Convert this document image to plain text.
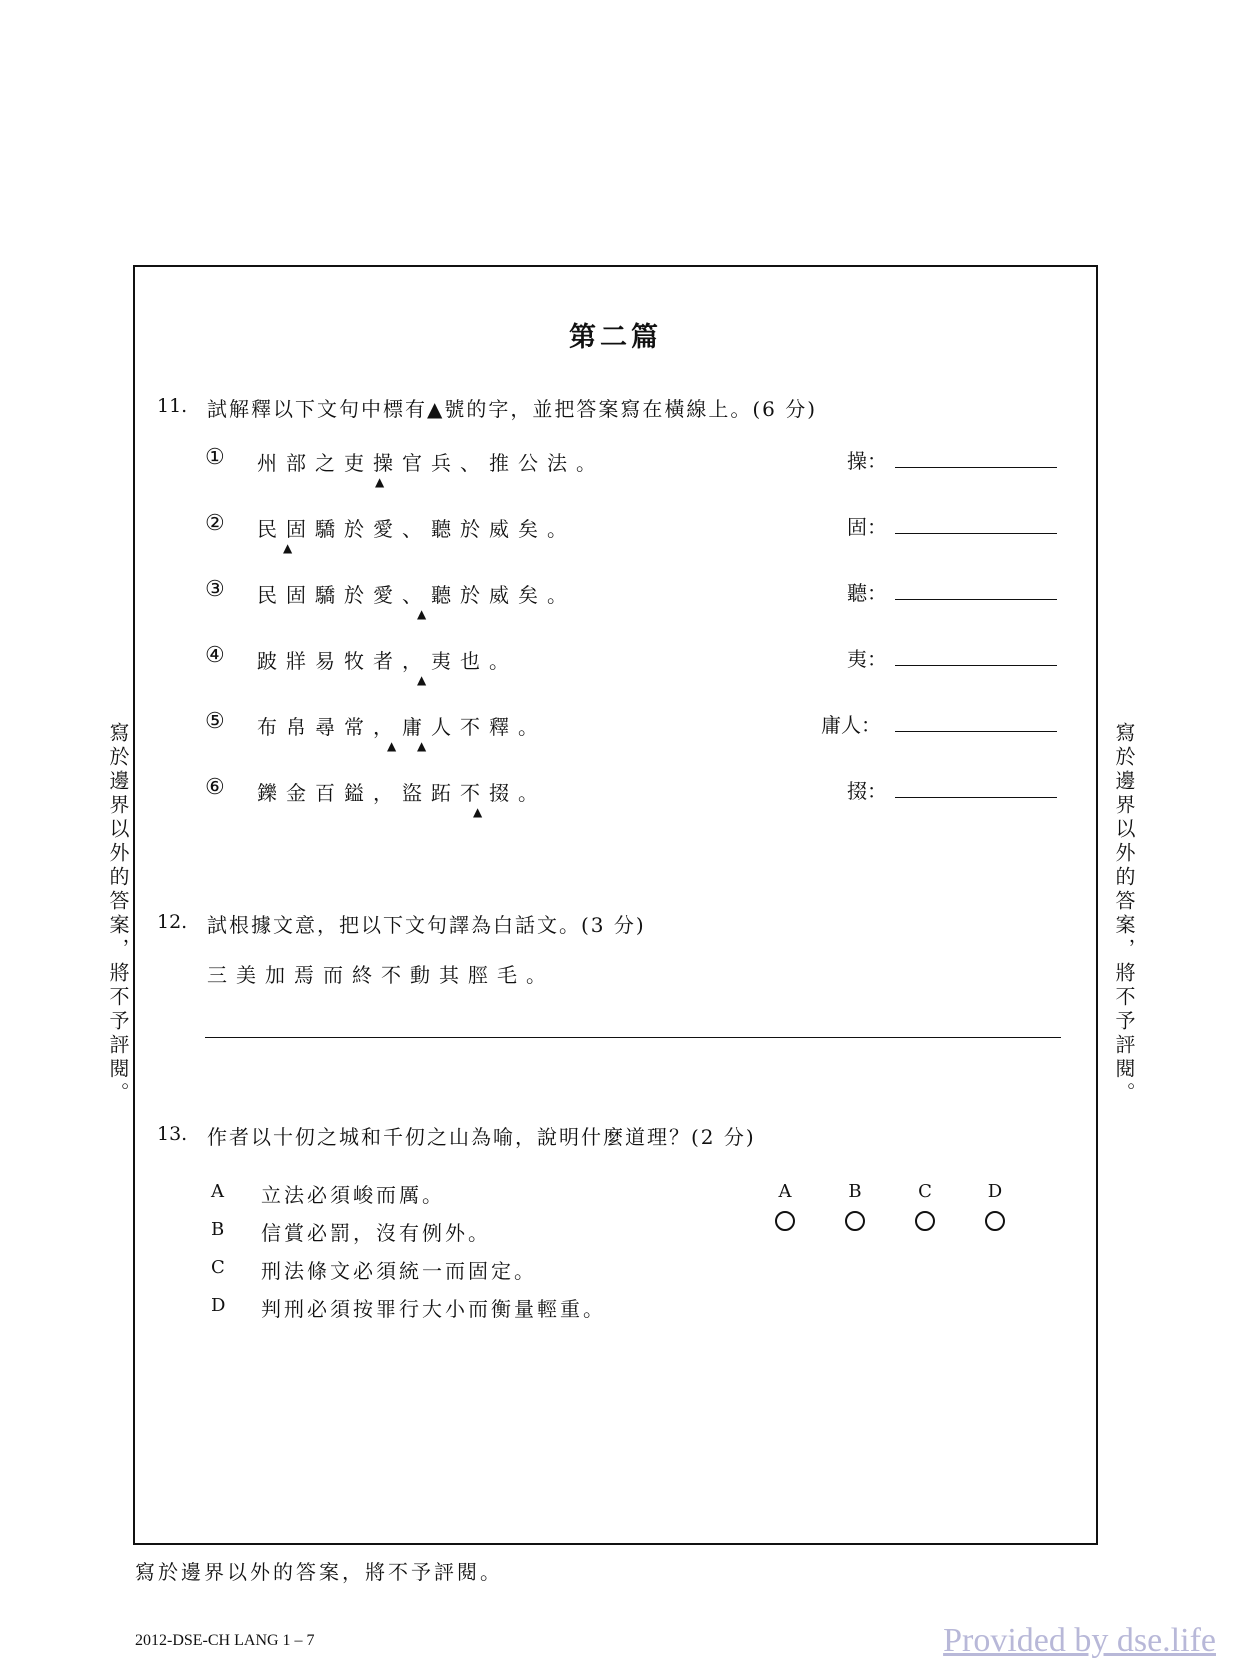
寫於邊界以外的答案，將不予評閱。	寫於邊界以外的答案，將不予評閱。
第二篇
11. 試解釋以下文句中標有▲號的字，並把答案寫在橫線上。(6 分)
① 州部之吏操官兵、推公法。
▲
操：
② 民固驕於愛、聽於威矣。
▲
固：
③ 民固驕於愛、聽於威矣。
▲
聽：
④ 跛牂易牧者，夷也。
▲
夷：
⑤ 布帛尋常，庸人不釋。
▲ ▲
庸人：
⑥ 鑠金百鎰，盜跖不掇。
▲
掇：
12. 試根據文意，把以下文句譯為白話文。(3 分)
三美加焉而終不動其脛毛。
13. 作者以十仞之城和千仞之山為喻，說明什麼道理？(2 分)
A 立法必須峻而厲。
B 信賞必罰，沒有例外。
C 刑法條文必須統一而固定。
D 判刑必須按罪行大小而衡量輕重。
A	B	C	D
寫於邊界以外的答案，將不予評閱。
2012-DSE-CH LANG 1 – 7	Provided by dse.life
